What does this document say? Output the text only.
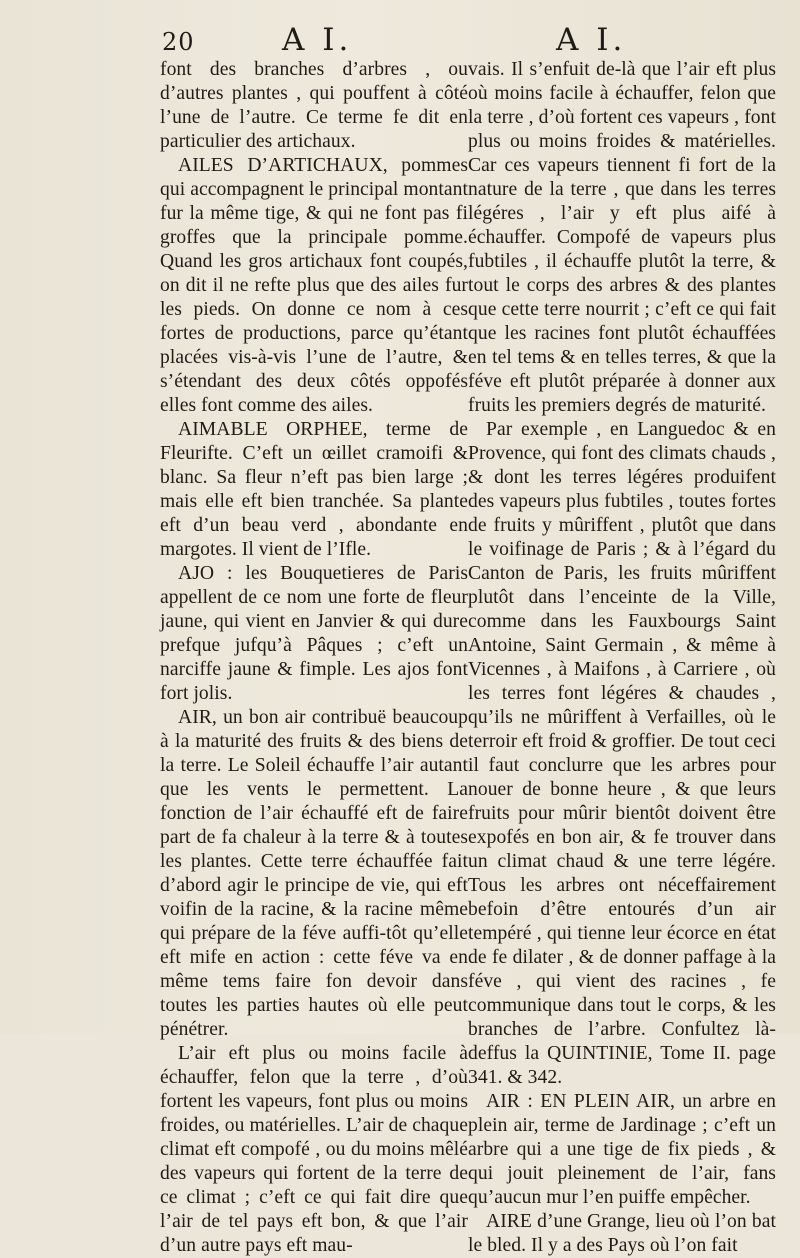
20	A I.	A I.

font des branches d’arbres , ou d’autres plantes , qui pouffent à côté l’une de l’autre. Ce terme fe dit en particulier des artichaux.

AILES D’ARTICHAUX, pommes qui accompagnent le principal montant fur la même tige, & qui ne font pas fi groffes que la principale pomme. Quand les gros artichaux font coupés, on dit il ne refte plus que des ailes fur les pieds. On donne ce nom à ces fortes de productions, parce qu’étant placées vis-à-vis l’une de l’autre, & s’étendant des deux côtés oppofés elles font comme des ailes.

AIMABLE ORPHEE, terme de Fleurifte. C’eft un œillet cramoifi & blanc. Sa fleur n’eft pas bien large ; mais elle eft bien tranchée. Sa plante eft d’un beau verd , abondante en margotes. Il vient de l’Ifle.

AJO : les Bouquetieres de Paris appellent de ce nom une forte de fleur jaune, qui vient en Janvier & qui dure prefque jufqu’à Pâques ; c’eft un narciffe jaune & fimple. Les ajos font fort jolis.

AIR, un bon air contribuë beaucoup à la maturité des fruits & des biens de la terre. Le Soleil échauffe l’air autant que les vents le permettent. La fonction de l’air échauffé eft de faire part de fa chaleur à la terre & à toutes les plantes. Cette terre échauffée fait d’abord agir le principe de vie, qui eft voifin de la racine, & la racine même qui prépare de la féve auffi-tôt qu’elle eft mife en action : cette féve va en même tems faire fon devoir dans toutes les parties hautes où elle peut pénétrer.

L’air eft plus ou moins facile à échauffer, felon que la terre , d’où fortent les vapeurs, font plus ou moins froides, ou matérielles. L’air de chaque climat eft compofé , ou du moins mêlé des vapeurs qui fortent de la terre de ce climat ; c’eft ce qui fait dire que l’air de tel pays eft bon, & que l’air d’un autre pays eft mau-

vais. Il s’enfuit de-là que l’air eft plus où moins facile à échauffer, felon que la terre , d’où fortent ces vapeurs , font plus ou moins froides & matérielles. Car ces vapeurs tiennent fi fort de la nature de la terre , que dans les terres légéres , l’air y eft plus aifé à échauffer. Compofé de vapeurs plus fubtiles , il échauffe plutôt la terre, & tout le corps des arbres & des plantes que cette terre nourrit ; c’eft ce qui fait que les racines font plutôt échauffées en tel tems & en telles terres, & que la féve eft plutôt préparée à donner aux fruits les premiers degrés de maturité.

Par exemple , en Languedoc & en Provence, qui font des climats chauds , & dont les terres légéres produifent des vapeurs plus fubtiles , toutes fortes de fruits y mûriffent , plutôt que dans le voifinage de Paris ; & à l’égard du Canton de Paris, les fruits mûriffent plutôt dans l’enceinte de la Ville, comme dans les Fauxbourgs Saint Antoine, Saint Germain , & même à Vicennes , à Maifons , à Carriere , où les terres font légéres & chaudes , qu’ils ne mûriffent à Verfailles, où le terroir eft froid & groffier. De tout ceci il faut conclurre que les arbres pour nouer de bonne heure , & que leurs fruits pour mûrir bientôt doivent être expofés en bon air, & fe trouver dans un climat chaud & une terre légére. Tous les arbres ont néceffairement befoin d’être entourés d’un air tempéré , qui tienne leur écorce en état de fe dilater , & de donner paffage à la féve , qui vient des racines , fe communique dans tout le corps, & les branches de l’arbre. Confultez là-deffus la QUINTINIE, Tome II. page 341. & 342.

AIR : EN PLEIN AIR, un arbre en plein air, terme de Jardinage ; c’eft un arbre qui a une tige de fix pieds , & qui jouit pleinement de l’air, fans qu’aucun mur l’en puiffe empêcher.

AIRE d’une Grange, lieu où l’on bat le bled. Il y a des Pays où l’on fait
